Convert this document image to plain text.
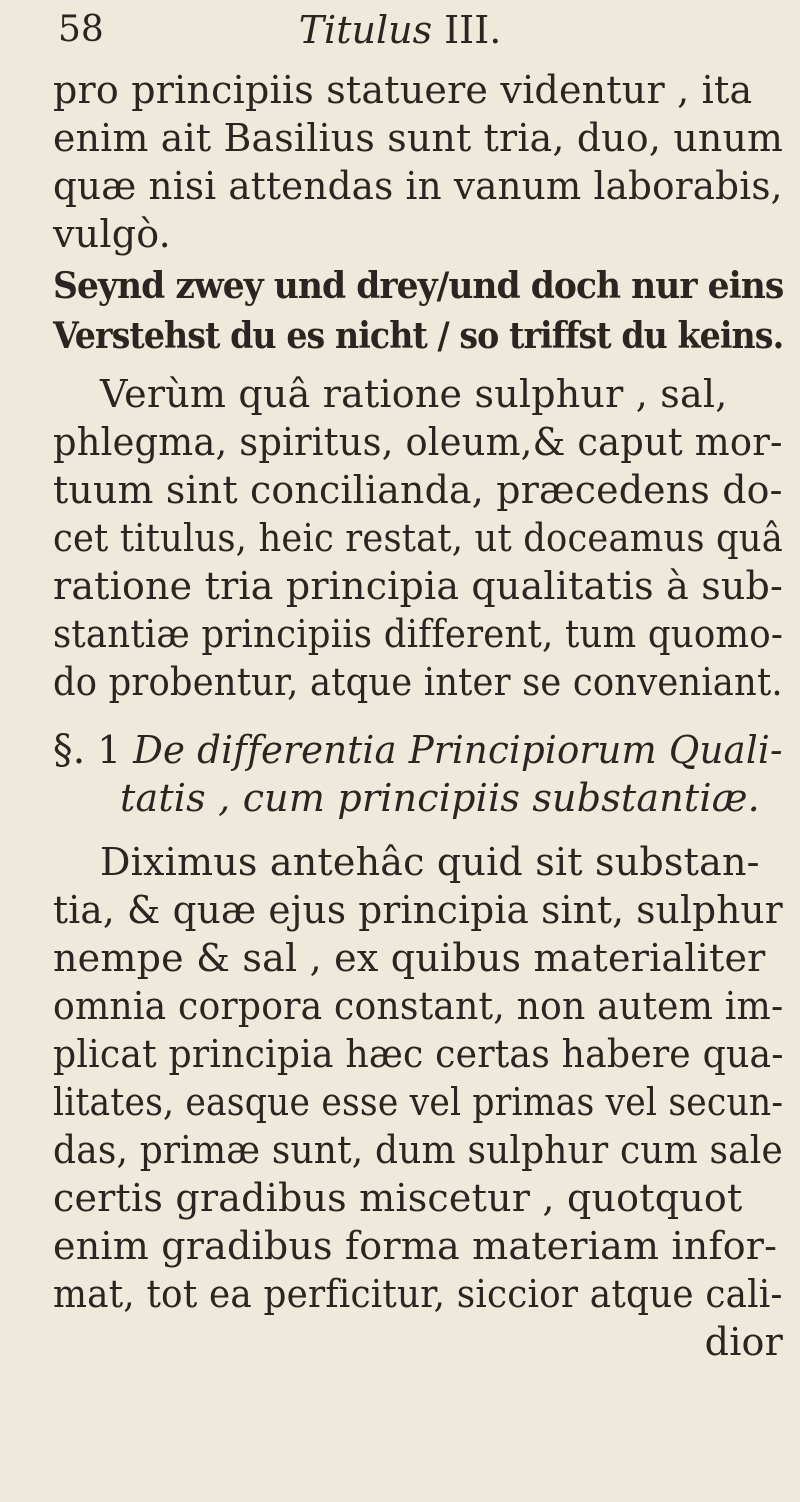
58	Titulus III.
pro principiis statuere videntur , ita
enim ait Basilius sunt tria, duo, unum
quæ nisi attendas in vanum laborabis,
vulgò.
Seynd zwey und drey/und doch nur eins
Verstehst du es nicht / so triffst du keins.
Verùm quâ ratione sulphur , sal,
phlegma, spiritus, oleum,& caput mor-
tuum sint concilianda, præcedens do-
cet titulus, heic restat, ut doceamus quâ
ratione tria principia qualitatis à sub-
stantiæ principiis different, tum quomo-
do probentur, atque inter se conveniant.
§. 1 De differentia Principiorum Quali-
tatis , cum principiis substantiæ.
Diximus antehâc quid sit substan-
tia, & quæ ejus principia sint, sulphur
nempe & sal , ex quibus materialiter
omnia corpora constant, non autem im-
plicat principia hæc certas habere qua-
litates, easque esse vel primas vel secun-
das, primæ sunt, dum sulphur cum sale
certis gradibus miscetur , quotquot
enim gradibus forma materiam infor-
mat, tot ea perficitur, siccior atque cali-
dior
